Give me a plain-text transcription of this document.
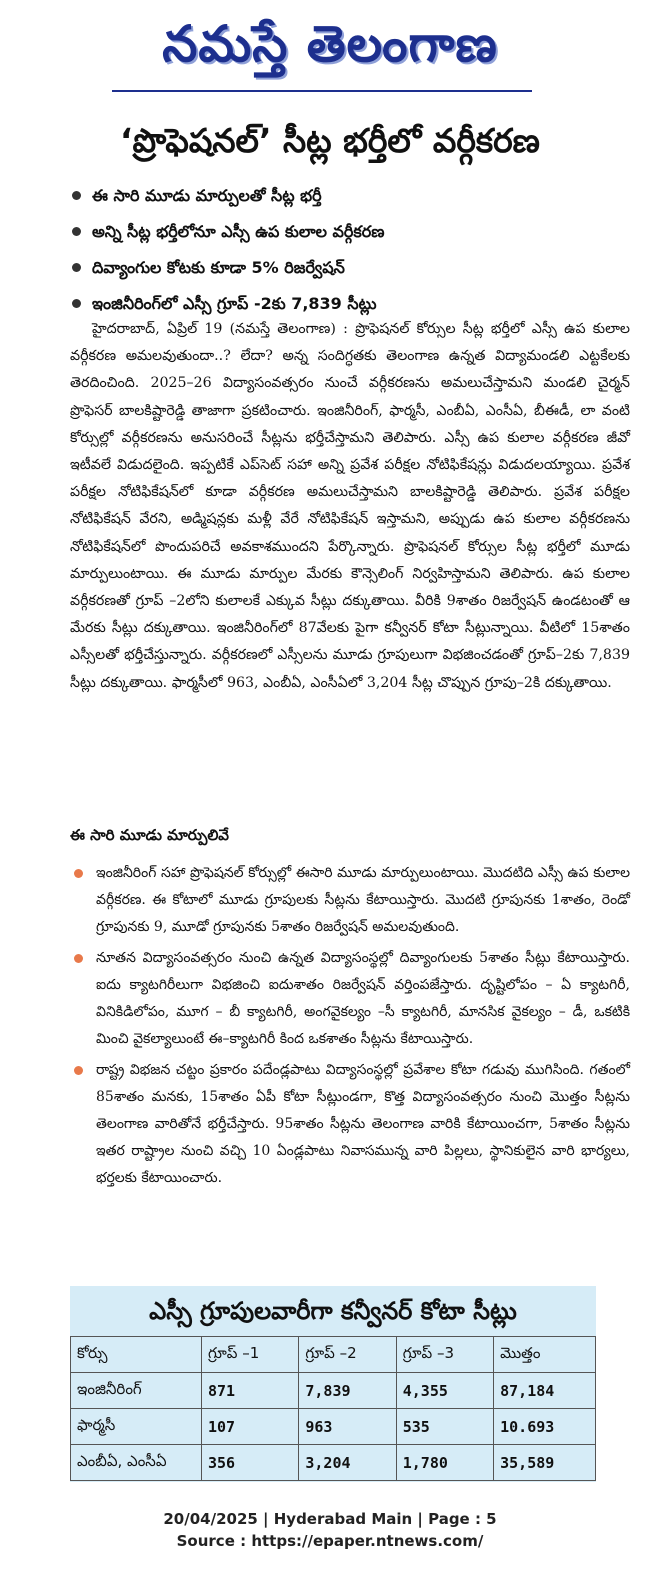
నమస్తే తెలంగాణ
‘ప్రొఫెషనల్’ సీట్ల భర్తీలో వర్గీకరణ
ఈ సారి మూడు మార్పులతో సీట్ల భర్తీ
అన్ని సీట్ల భర్తీలోనూ ఎస్సీ ఉప కులాల వర్గీకరణ
దివ్యాంగుల కోటకు కూడా 5% రిజర్వేషన్
ఇంజినీరింగ్‌లో ఎస్సీ గ్రూప్ -2కు 7,839 సీట్లు
హైదరాబాద్, ఏప్రిల్ 19 (నమస్తే తెలంగాణ) : ప్రొఫెషనల్ కోర్సుల సీట్ల భర్తీలో ఎస్సీ ఉప కులాల వర్గీకరణ అమలవుతుందా..? లేదా? అన్న సందిగ్ధతకు తెలంగాణ ఉన్నత విద్యామండలి ఎట్టకేలకు తెరదించింది. 2025–26 విద్యాసంవత్సరం నుంచే వర్గీకరణను అమలుచేస్తామని మండలి చైర్మన్ ప్రొఫెసర్ బాలకిష్టారెడ్డి తాజాగా ప్రకటించారు. ఇంజినీరింగ్, ఫార్మసీ, ఎంబీఏ, ఎంసీఏ, బీఈడీ, లా వంటి కోర్సుల్లో వర్గీకరణను అనుసరించే సీట్లను భర్తీచేస్తామని తెలిపారు. ఎస్సీ ఉప కులాల వర్గీకరణ జీవో ఇటీవలే విడుదలైంది. ఇప్పటికే ఎప్‌సెట్ సహా అన్ని ప్రవేశ పరీక్షల నోటిఫికేషన్లు విడుదలయ్యాయి. ప్రవేశ పరీక్షల నోటిఫికేషన్‌లో కూడా వర్గీకరణ అమలుచేస్తామని బాలకిష్టారెడ్డి తెలిపారు. ప్రవేశ పరీక్షల నోటిఫికేషన్ వేరని, అడ్మిషన్లకు మళ్లీ వేరే నోటిఫికేషన్ ఇస్తామని, అప్పుడు ఉప కులాల వర్గీకరణను నోటిఫికేషన్‌లో పొందుపరిచే అవకాశముందని పేర్కొన్నారు. ప్రొఫెషనల్ కోర్సుల సీట్ల భర్తీలో మూడు మార్పులుంటాయి. ఈ మూడు మార్పుల మేరకు కౌన్సెలింగ్ నిర్వహిస్తామని తెలిపారు. ఉప కులాల వర్గీకరణతో గ్రూప్ –2లోని కులాలకే ఎక్కువ సీట్లు దక్కుతాయి. వీరికి 9శాతం రిజర్వేషన్ ఉండటంతో ఆ మేరకు సీట్లు దక్కుతాయి. ఇంజినీరింగ్‌లో 87వేలకు పైగా కన్వీనర్ కోటా సీట్లున్నాయి. వీటిలో 15శాతం ఎస్సీలతో భర్తీచేస్తున్నారు. వర్గీకరణలో ఎస్సీలను మూడు గ్రూపులుగా విభజించడంతో గ్రూప్–2కు 7,839 సీట్లు దక్కుతాయి. ఫార్మసీలో 963, ఎంబీఏ, ఎంసీఏలో 3,204 సీట్ల చొప్పున గ్రూపు–2కి దక్కుతాయి.
ఈ సారి మూడు మార్పులివే
ఇంజినీరింగ్ సహా ప్రొఫెషనల్ కోర్సుల్లో ఈసారి మూడు మార్పులుంటాయి. మొదటిది ఎస్సీ ఉప కులాల వర్గీకరణ. ఈ కోటాలో మూడు గ్రూపులకు సీట్లను కేటాయిస్తారు. మొదటి గ్రూపునకు 1శాతం, రెండో గ్రూపునకు 9, మూడో గ్రూపునకు 5శాతం రిజర్వేషన్ అమలవుతుంది.
నూతన విద్యాసంవత్సరం నుంచి ఉన్నత విద్యాసంస్థల్లో దివ్యాంగులకు 5శాతం సీట్లు కేటాయిస్తారు. ఐదు క్యాటగిరీలుగా విభజించి ఐదుశాతం రిజర్వేషన్ వర్తింపజేస్తారు. దృష్టిలోపం – ఏ క్యాటగిరీ, వినికిడిలోపం, మూగ – బీ క్యాటగిరీ, అంగవైకల్యం –సీ క్యాటగిరీ, మానసిక వైకల్యం – డీ, ఒకటికి మించి వైకల్యాలుంటే ఈ–క్యాటగిరీ కింద ఒకశాతం సీట్లను కేటాయిస్తారు.
రాష్ట్ర విభజన చట్టం ప్రకారం పదేండ్లపాటు విద్యాసంస్థల్లో ప్రవేశాల కోటా గడువు ముగిసింది. గతంలో 85శాతం మనకు, 15శాతం ఏపీ కోటా సీట్లుండగా, కొత్త విద్యాసంవత్సరం నుంచి మొత్తం సీట్లను తెలంగాణ వారితోనే భర్తీచేస్తారు. 95శాతం సీట్లను తెలంగాణ వారికి కేటాయించగా, 5శాతం సీట్లను ఇతర రాష్ట్రాల నుంచి వచ్చి 10 ఏండ్లపాటు నివాసమున్న వారి పిల్లలు, స్థానికులైన వారి భార్యలు, భర్తలకు కేటాయించారు.
ఎస్సీ గ్రూపులవారీగా కన్వీనర్ కోటా సీట్లు
కోర్సు	గ్రూప్ –1	గ్రూప్ –2	గ్రూప్ –3	మొత్తం
ఇంజినీరింగ్	871	7,839	4,355	87,184
ఫార్మసీ	107	963	535	10.693
ఎంబీఏ, ఎంసీఏ	356	3,204	1,780	35,589
20/04/2025 | Hyderabad Main | Page : 5
Source : https://epaper.ntnews.com/
